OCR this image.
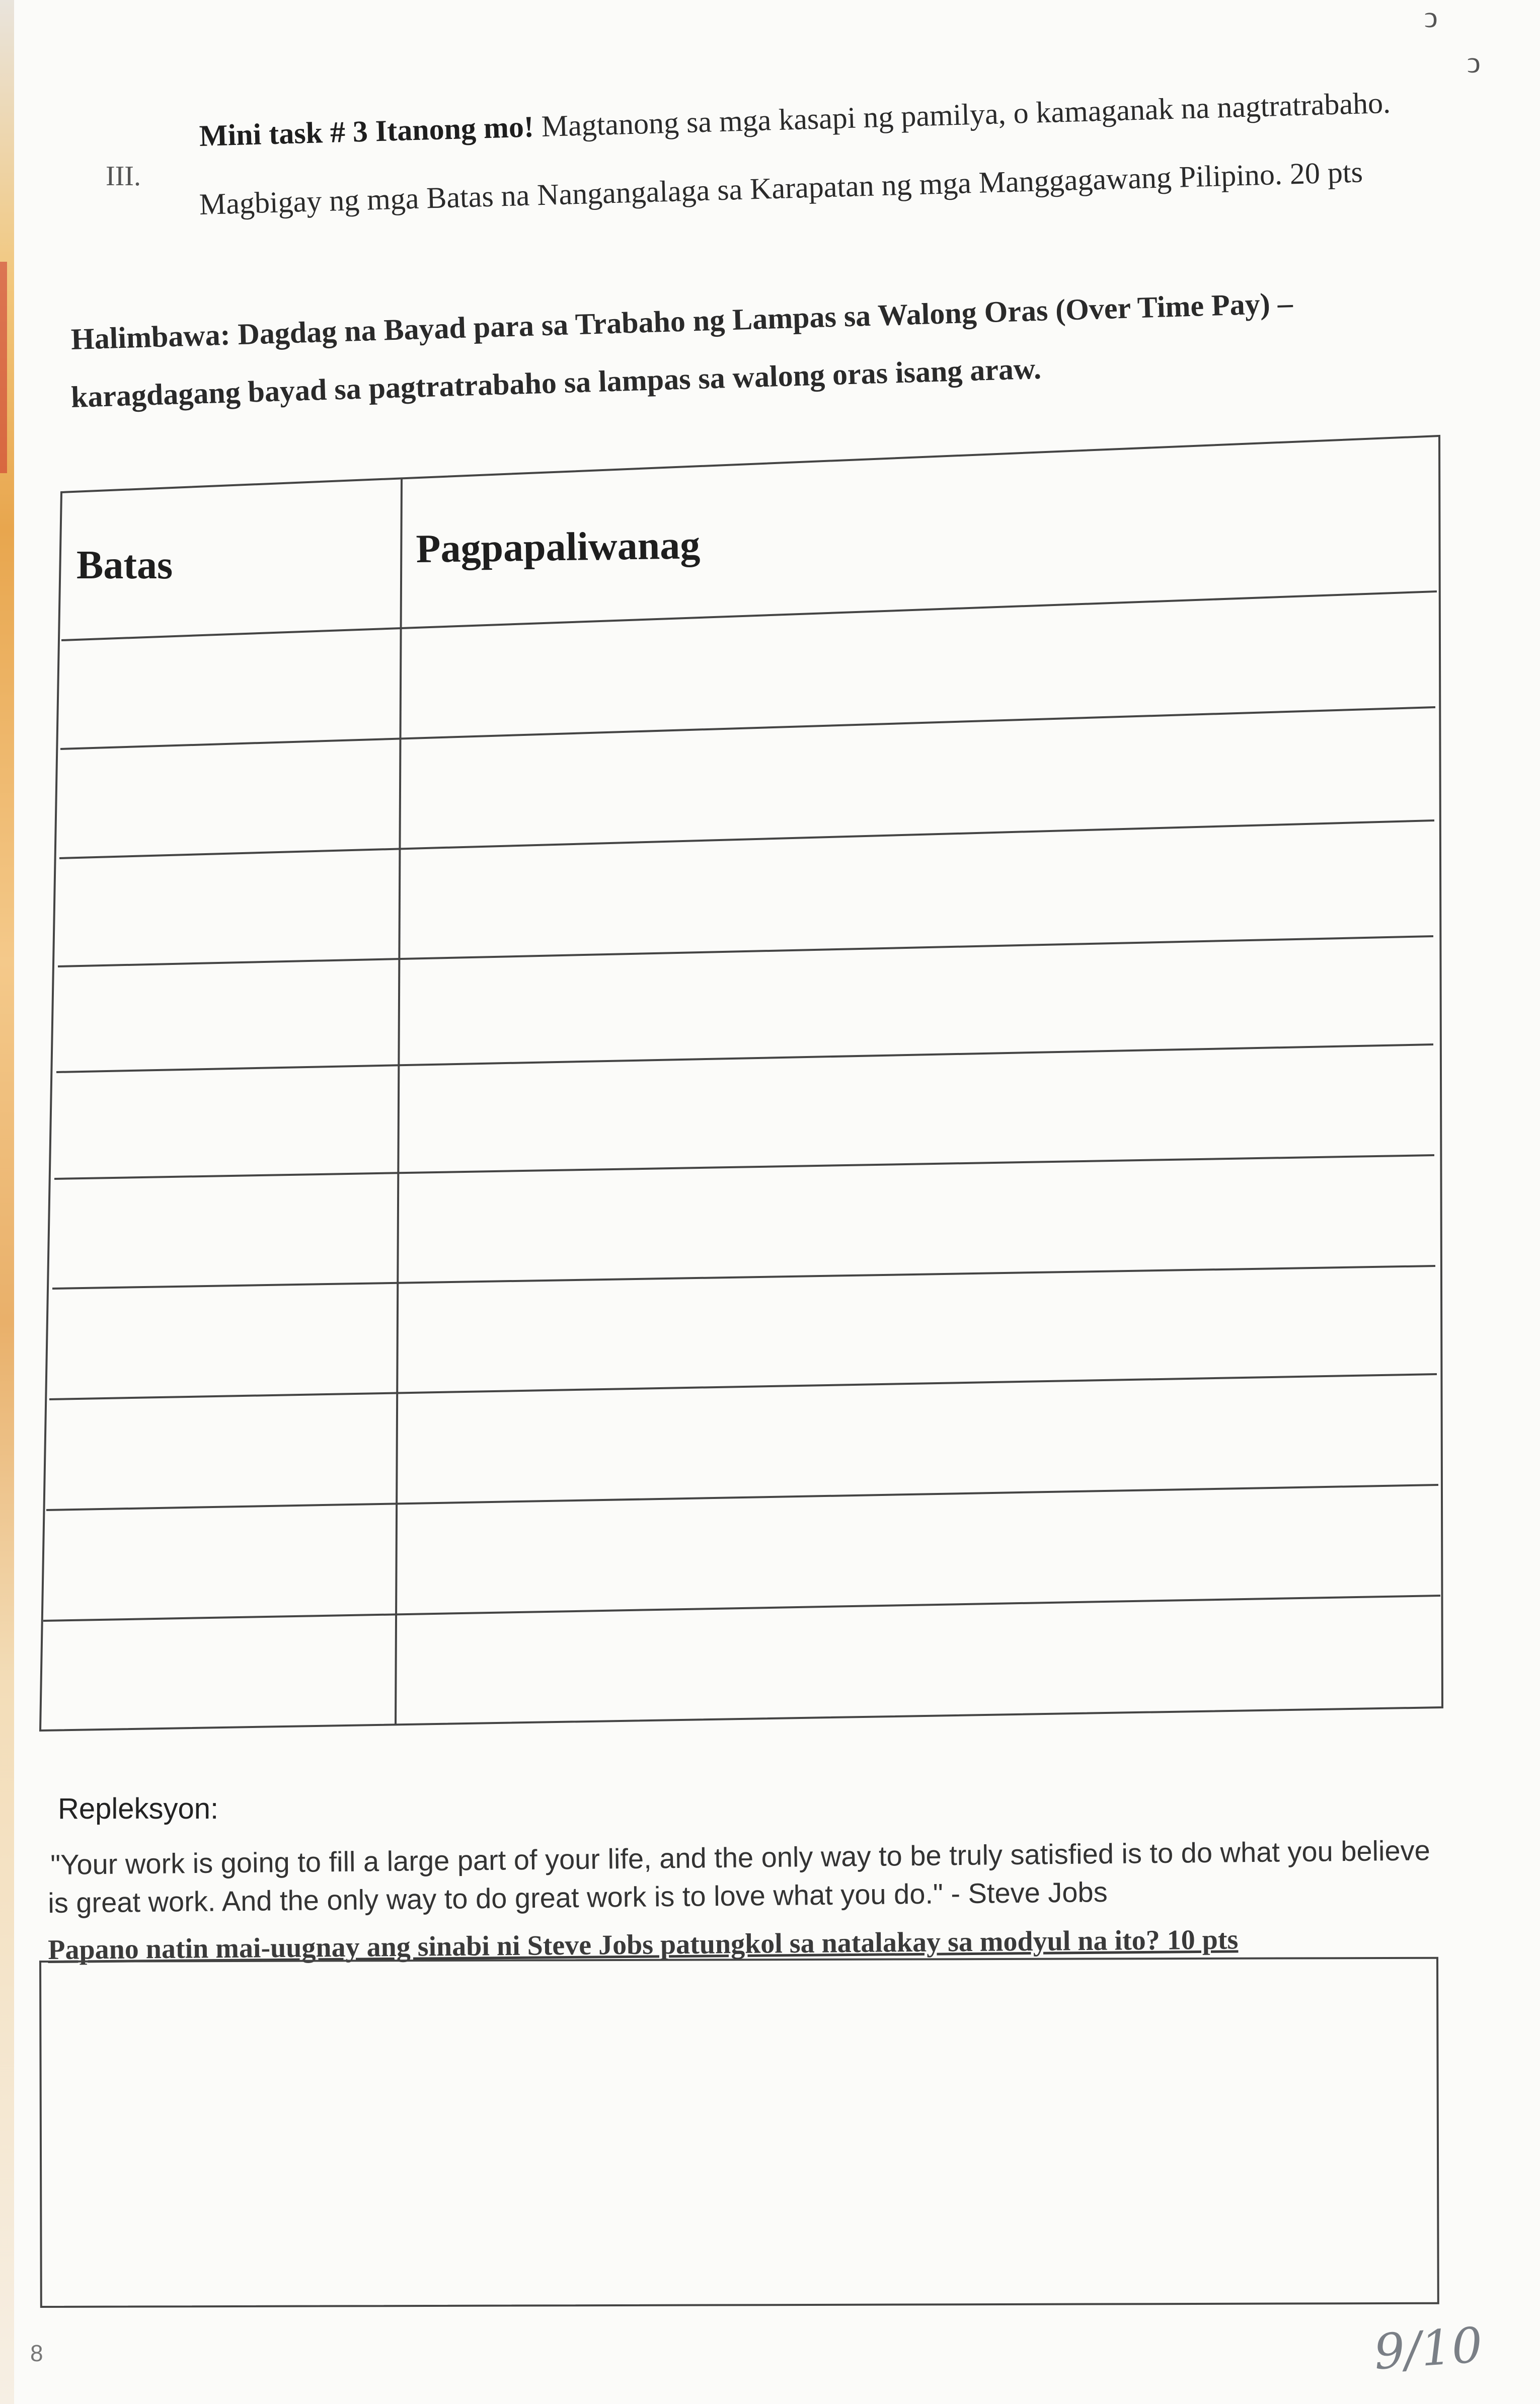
ↄ
ↄ
III.
Mini task # 3 Itanong mo! Magtanong sa mga kasapi ng pamilya, o kamaganak na nagtratrabaho.
Magbigay ng mga Batas na Nangangalaga sa Karapatan ng mga Manggagawang Pilipino. 20 pts
Halimbawa: Dagdag na Bayad para sa Trabaho ng Lampas sa Walong Oras (Over Time Pay) –
karagdagang bayad sa pagtratrabaho sa lampas sa walong oras isang araw.
Batas	Pagpapaliwanag
Repleksyon:
"Your work is going to fill a large part of your life, and the only way to be truly satisfied is to do what you believe
is great work. And the only way to do great work is to love what you do." - Steve Jobs
Papano natin mai-uugnay ang sinabi ni Steve Jobs patungkol sa natalakay sa modyul na ito? 10 pts
8	9/10
